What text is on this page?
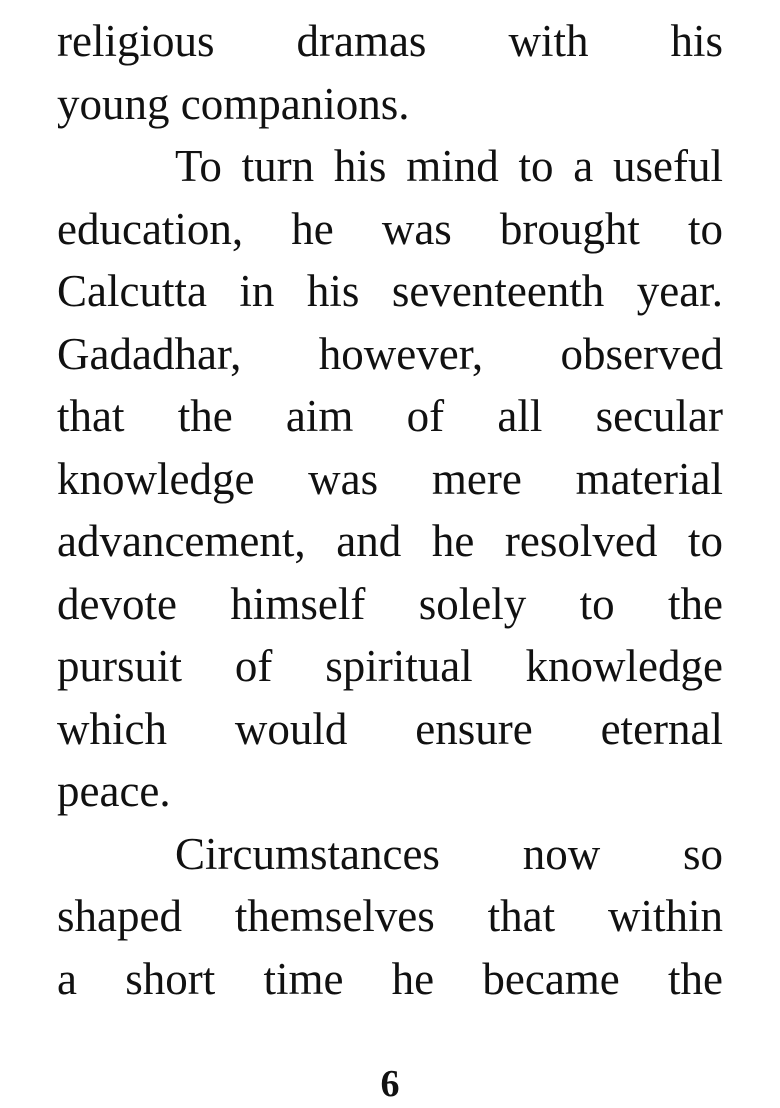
religious dramas with his
young companions.
To turn his mind to a useful
education, he was brought to
Calcutta in his seventeenth year.
Gadadhar, however, observed
that the aim of all secular
knowledge was mere material
advancement, and he resolved to
devote himself solely to the
pursuit of spiritual knowledge
which would ensure eternal
peace.
Circumstances now so
shaped themselves that within
a short time he became the
6
